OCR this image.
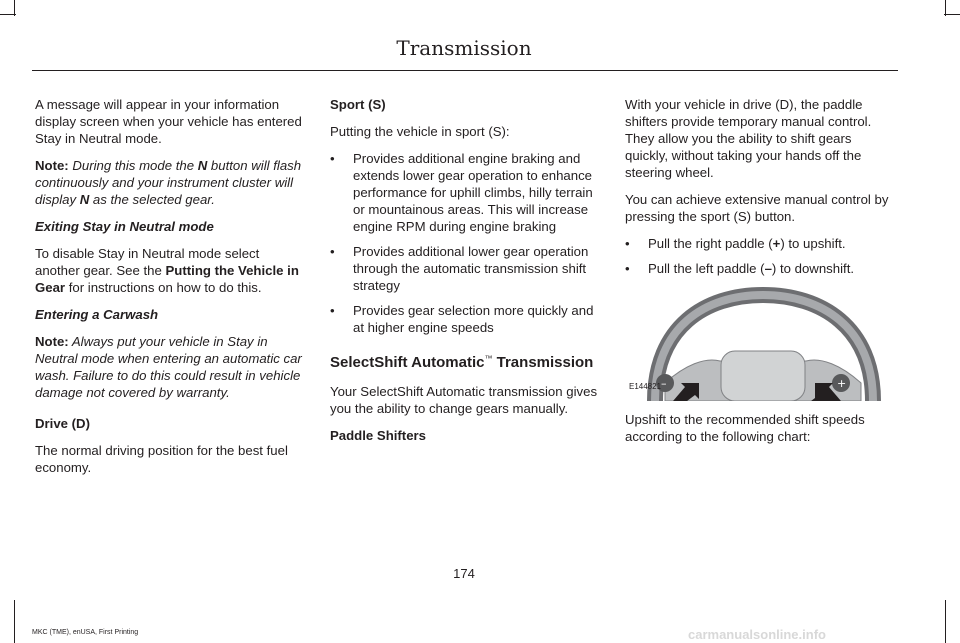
Transmission

A message will appear in your information display screen when your vehicle has entered Stay in Neutral mode.

Note: During this mode the N button will flash continuously and your instrument cluster will display N as the selected gear.

Exiting Stay in Neutral mode

To disable Stay in Neutral mode select another gear. See the Putting the Vehicle in Gear for instructions on how to do this.

Entering a Carwash

Note: Always put your vehicle in Stay in Neutral mode when entering an automatic car wash. Failure to do this could result in vehicle damage not covered by warranty.

Drive (D)

The normal driving position for the best fuel economy.

Sport (S)

Putting the vehicle in sport (S):

• Provides additional engine braking and extends lower gear operation to enhance performance for uphill climbs, hilly terrain or mountainous areas. This will increase engine RPM during engine braking
• Provides additional lower gear operation through the automatic transmission shift strategy
• Provides gear selection more quickly and at higher engine speeds
SelectShift Automatic™ Transmission

Your SelectShift Automatic transmission gives you the ability to change gears manually.

Paddle Shifters

With your vehicle in drive (D), the paddle shifters provide temporary manual control. They allow you the ability to shift gears quickly, without taking your hands off the steering wheel.

You can achieve extensive manual control by pressing the sport (S) button.

• Pull the right paddle (+) to upshift.
• Pull the left paddle (–) to downshift.
–	+
E144821

Upshift to the recommended shift speeds according to the following chart:

174
MKC (TME), enUSA, First Printing	carmanualsonline.info
